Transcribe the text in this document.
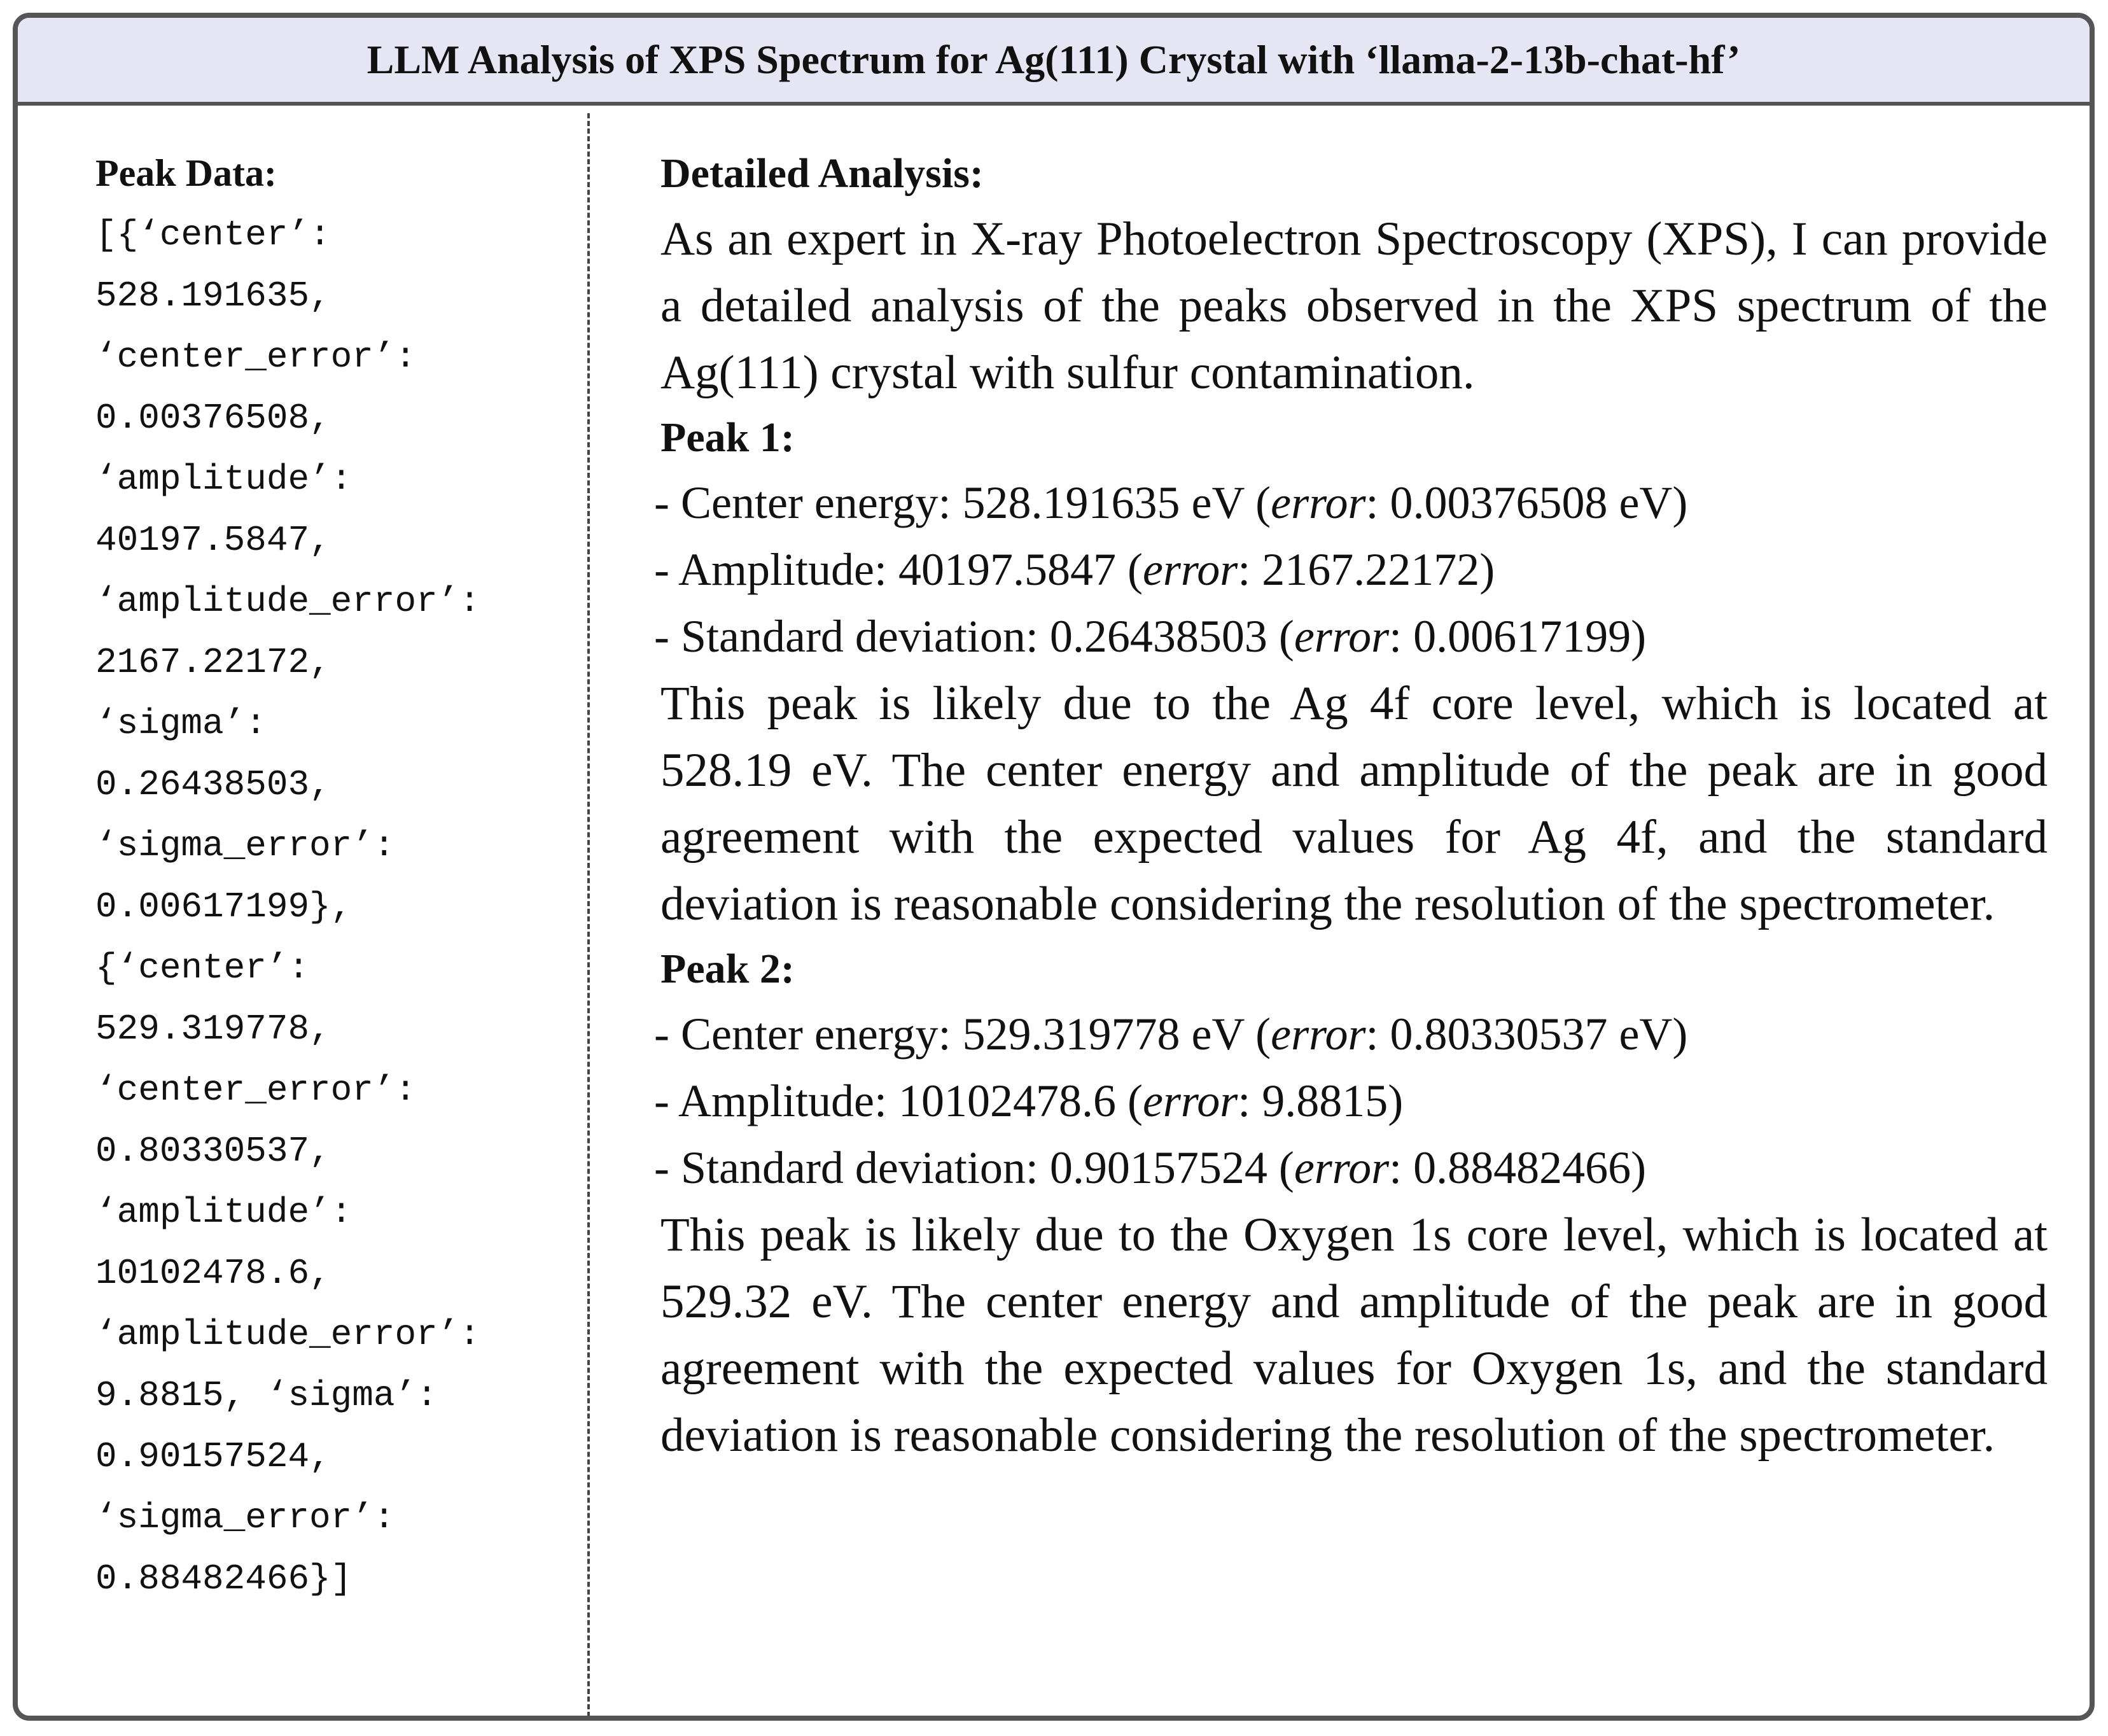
LLM Analysis of XPS Spectrum for Ag(111) Crystal with ‘llama-2-13b-chat-hf’
Peak Data:
[{‘center’:
528.191635,
‘center_error’:
0.00376508,
‘amplitude’:
40197.5847,
‘amplitude_error’:
2167.22172,
‘sigma’:
0.26438503,
‘sigma_error’:
0.00617199},
{‘center’:
529.319778,
‘center_error’:
0.80330537,
‘amplitude’:
10102478.6,
‘amplitude_error’:
9.8815, ‘sigma’:
0.90157524,
‘sigma_error’:
0.88482466}]
Detailed Analysis:
As an expert in X-ray Photoelectron Spectroscopy (XPS), I can provide a detailed analysis of the peaks observed in the XPS spectrum of the Ag(111) crystal with sulfur contamination.
Peak 1:
- Center energy: 528.191635 eV (error: 0.00376508 eV)
- Amplitude: 40197.5847 (error: 2167.22172)
- Standard deviation: 0.26438503 (error: 0.00617199)
This peak is likely due to the Ag 4f core level, which is located at 528.19 eV. The center energy and amplitude of the peak are in good agreement with the expected values for Ag 4f, and the standard deviation is reasonable considering the resolution of the spectrometer.
Peak 2:
- Center energy: 529.319778 eV (error: 0.80330537 eV)
- Amplitude: 10102478.6 (error: 9.8815)
- Standard deviation: 0.90157524 (error: 0.88482466)
This peak is likely due to the Oxygen 1s core level, which is located at 529.32 eV. The center energy and amplitude of the peak are in good agreement with the expected values for Oxygen 1s, and the standard deviation is reasonable considering the resolution of the spectrometer.
